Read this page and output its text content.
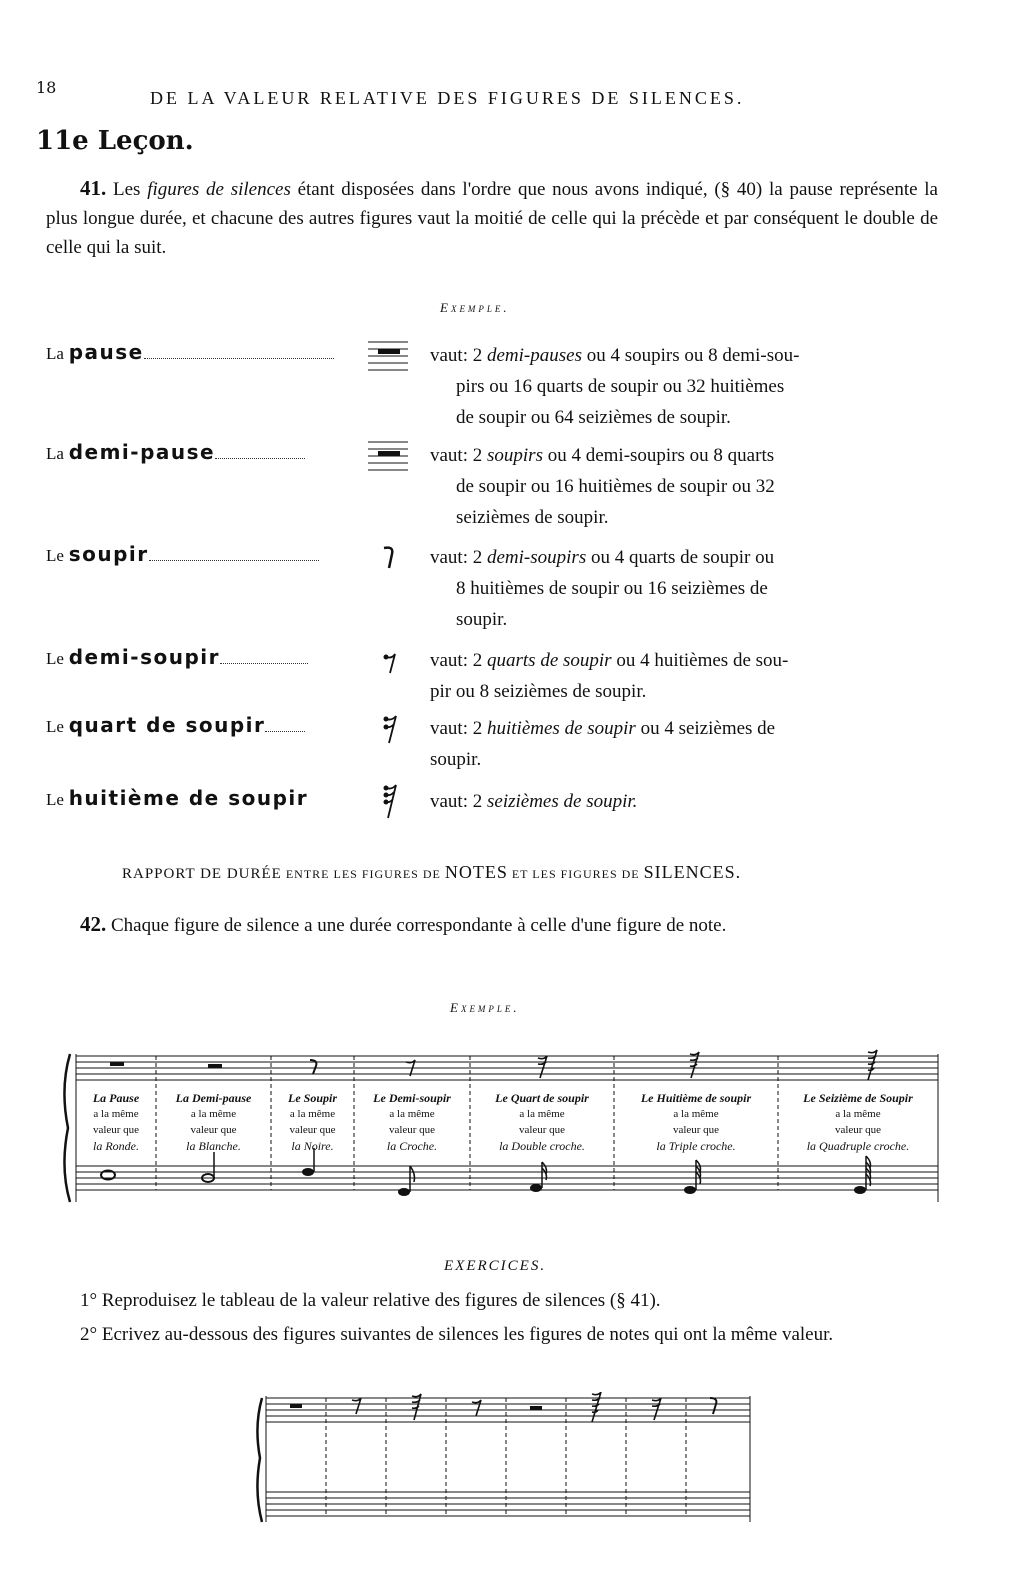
18
DE LA VALEUR RELATIVE DES FIGURES DE SILENCES.
11e Leçon.
41. Les figures de silences étant disposées dans l'ordre que nous avons indiqué, (§ 40) la pause représente la plus longue durée, et chacune des autres figures vaut la moitié de celle qui la précède et par conséquent le double de celle qui la suit.
Exemple.
La pause	vaut: 2 demi-pauses ou 4 soupirs ou 8 demi-sou-
pirs ou 16 quarts de soupir ou 32 huitièmes
de soupir ou 64 seizièmes de soupir.
La demi-pause	vaut: 2 soupirs ou 4 demi-soupirs ou 8 quarts
de soupir ou 16 huitièmes de soupir ou 32
seizièmes de soupir.
Le soupir	vaut: 2 demi-soupirs ou 4 quarts de soupir ou
8 huitièmes de soupir ou 16 seizièmes de
soupir.
Le demi-soupir	vaut: 2 quarts de soupir ou 4 huitièmes de sou-
pir ou 8 seizièmes de soupir.
Le quart de soupir	vaut: 2 huitièmes de soupir ou 4 seizièmes de
soupir.
Le huitième de soupir	vaut: 2 seizièmes de soupir.
RAPPORT DE DURÉE ENTRE LES FIGURES DE NOTES ET LES FIGURES DE SILENCES.
42. Chaque figure de silence a une durée correspondante à celle d'une figure de note.
Exemple.
La Pause
a la même
valeur que
la Ronde.
La Demi-pause
a la même
valeur que
la Blanche.
Le Soupir
a la même
valeur que
la Noire.
Le Demi-soupir
a la même
valeur que
la Croche.
Le Quart de soupir
a la même
valeur que
la Double croche.
Le Huitième de soupir
a la même
valeur que
la Triple croche.
Le Seizième de Soupir
a la même
valeur que
la Quadruple croche.
EXERCICES.
1° Reproduisez le tableau de la valeur relative des figures de silences (§ 41).
2° Ecrivez au-dessous des figures suivantes de silences les figures de notes qui ont la même valeur.
